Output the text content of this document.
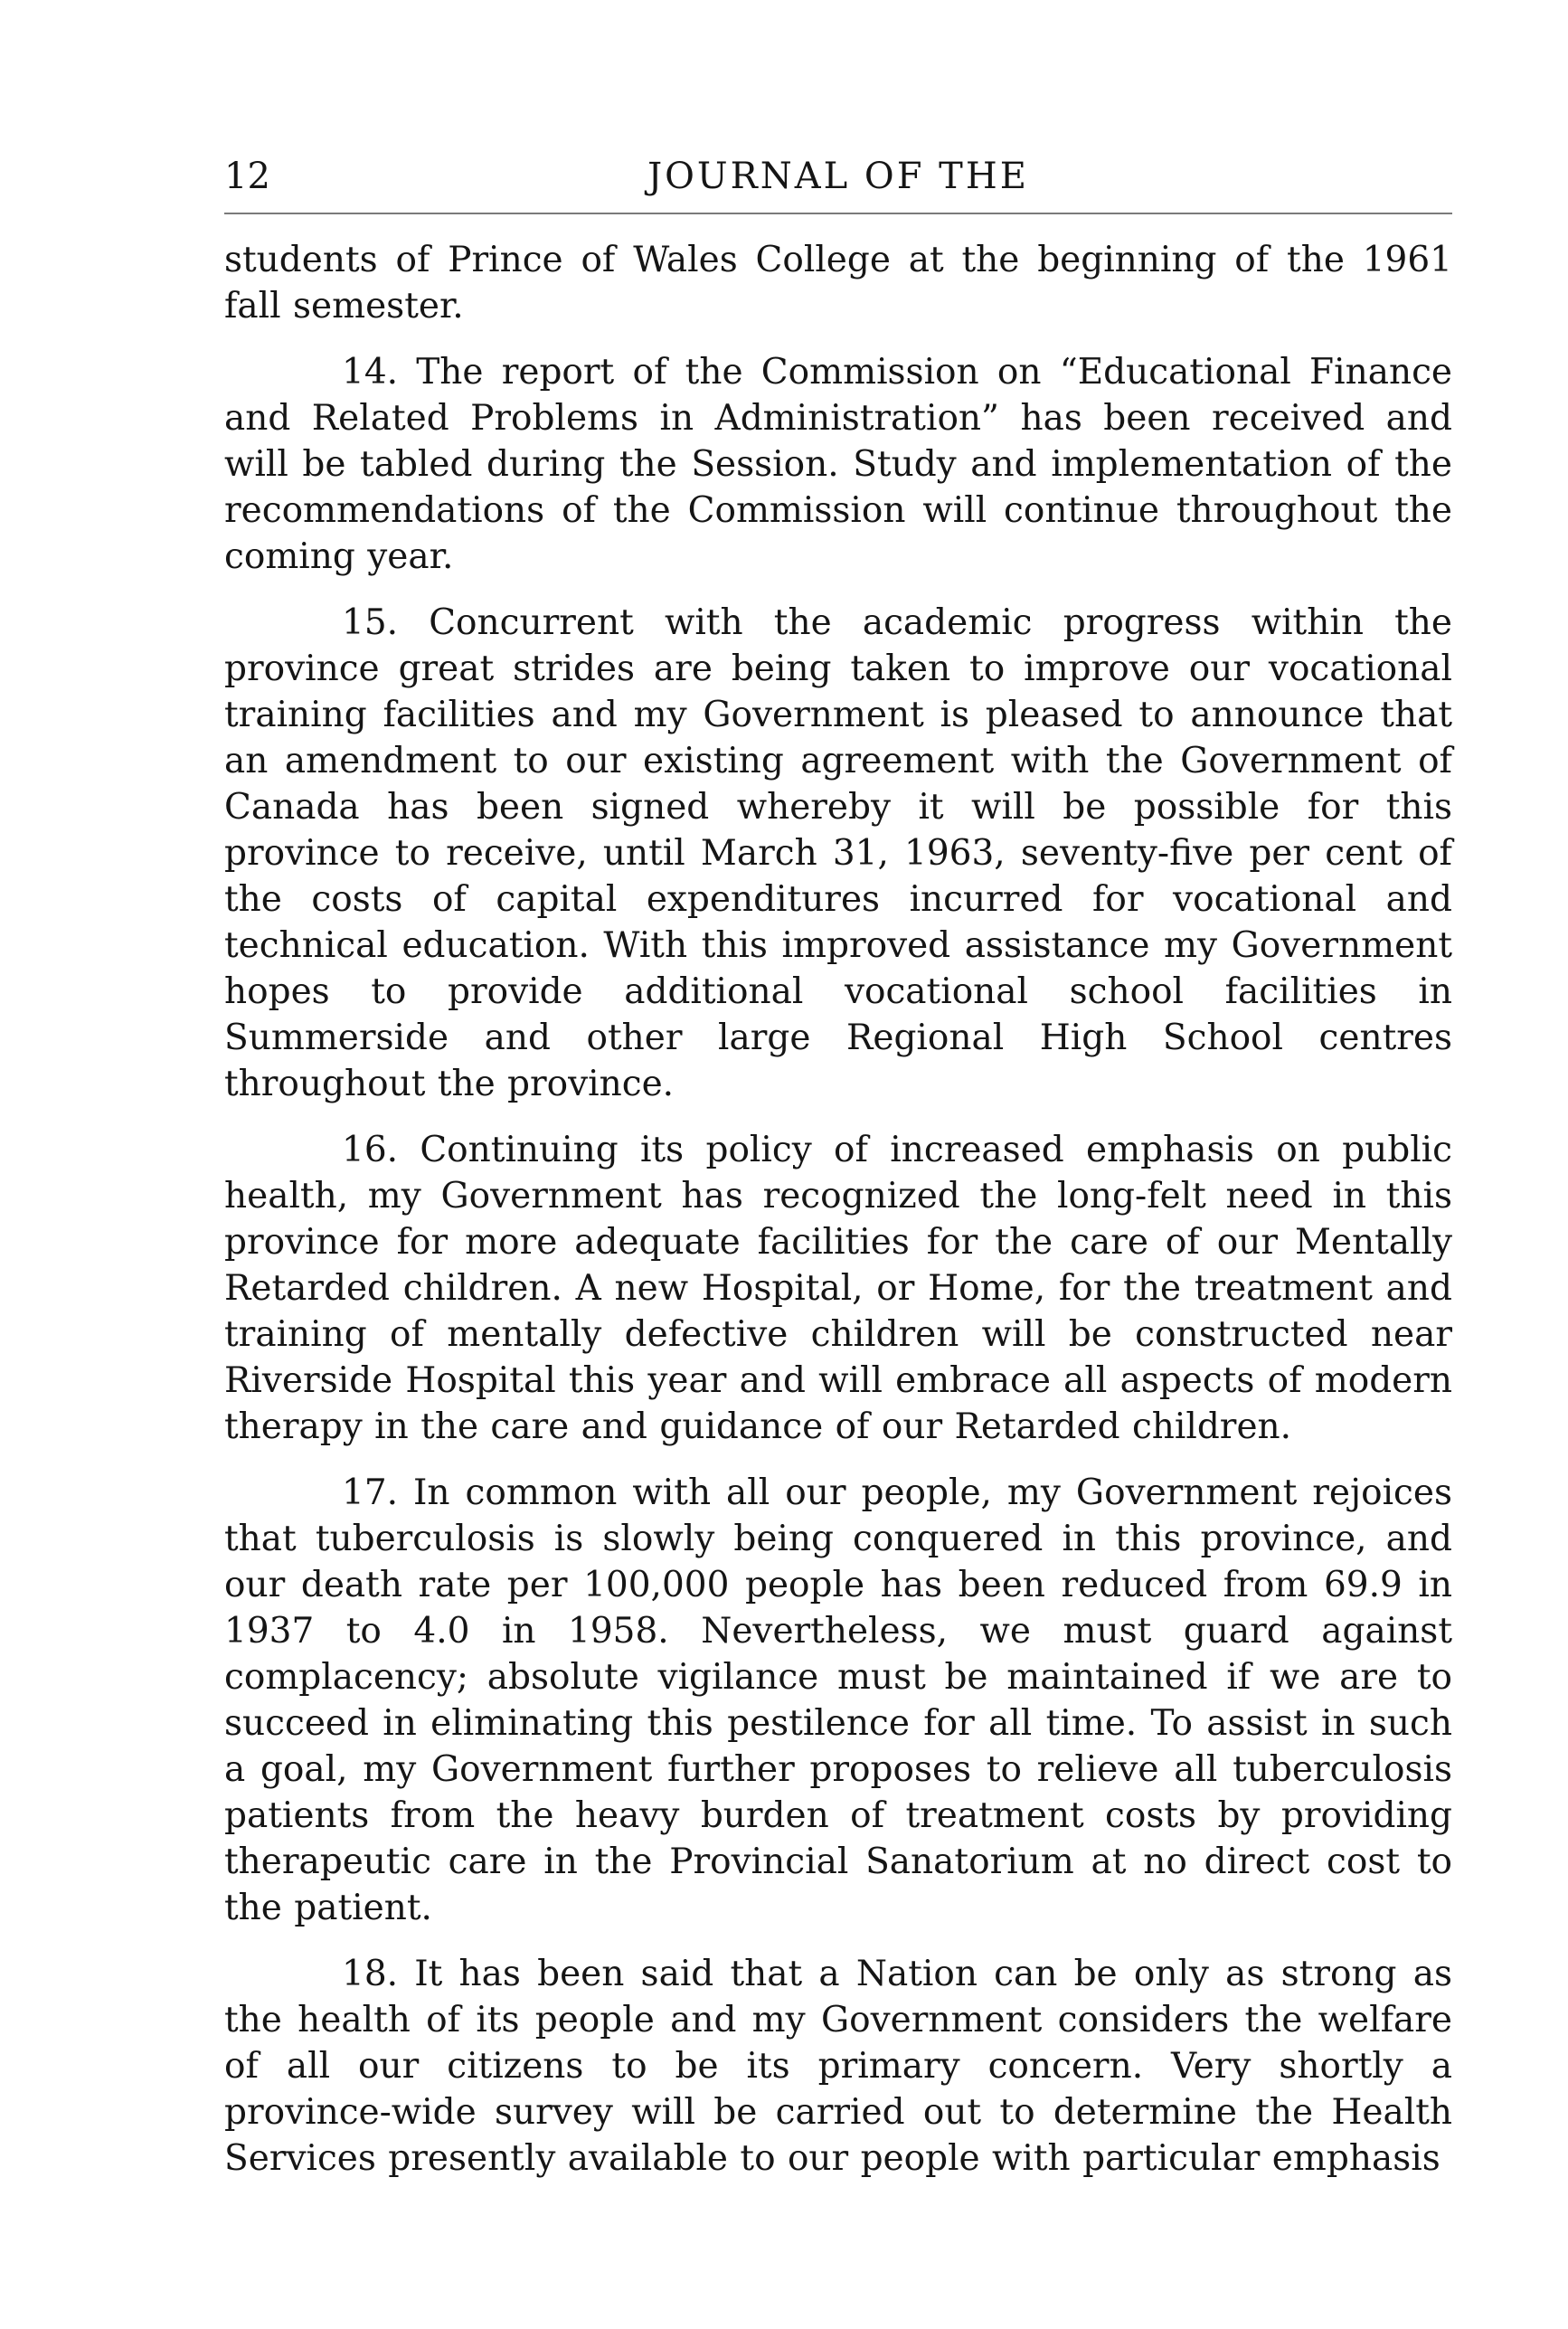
12	JOURNAL OF THE

students of Prince of Wales College at the beginning of the 1961 fall semester.

14. The report of the Commission on “Educational Finance and Related Problems in Administration” has been received and will be tabled during the Session. Study and implementation of the recommendations of the Commission will continue throughout the coming year.

15. Concurrent with the academic progress within the province great strides are being taken to improve our vocational training facilities and my Government is pleased to announce that an amendment to our existing agreement with the Government of Canada has been signed whereby it will be possible for this province to receive, until March 31, 1963, seventy-five per cent of the costs of capital expenditures incurred for vocational and technical education. With this improved assistance my Government hopes to provide additional vocational school facilities in Summerside and other large Regional High School centres throughout the province.

16. Continuing its policy of increased emphasis on public health, my Government has recognized the long-felt need in this province for more adequate facilities for the care of our Mentally Retarded children. A new Hospital, or Home, for the treatment and training of mentally defective children will be constructed near Riverside Hospital this year and will embrace all aspects of modern therapy in the care and guidance of our Retarded children.

17. In common with all our people, my Government rejoices that tuberculosis is slowly being conquered in this province, and our death rate per 100,000 people has been reduced from 69.9 in 1937 to 4.0 in 1958. Nevertheless, we must guard against complacency; absolute vigilance must be maintained if we are to succeed in eliminating this pestilence for all time. To assist in such a goal, my Government further proposes to relieve all tuberculosis patients from the heavy burden of treatment costs by providing therapeutic care in the Provincial Sanatorium at no direct cost to the patient.

18. It has been said that a Nation can be only as strong as the health of its people and my Government considers the welfare of all our citizens to be its primary concern. Very shortly a province-wide survey will be carried out to determine the Health Services presently available to our people with particular emphasis
